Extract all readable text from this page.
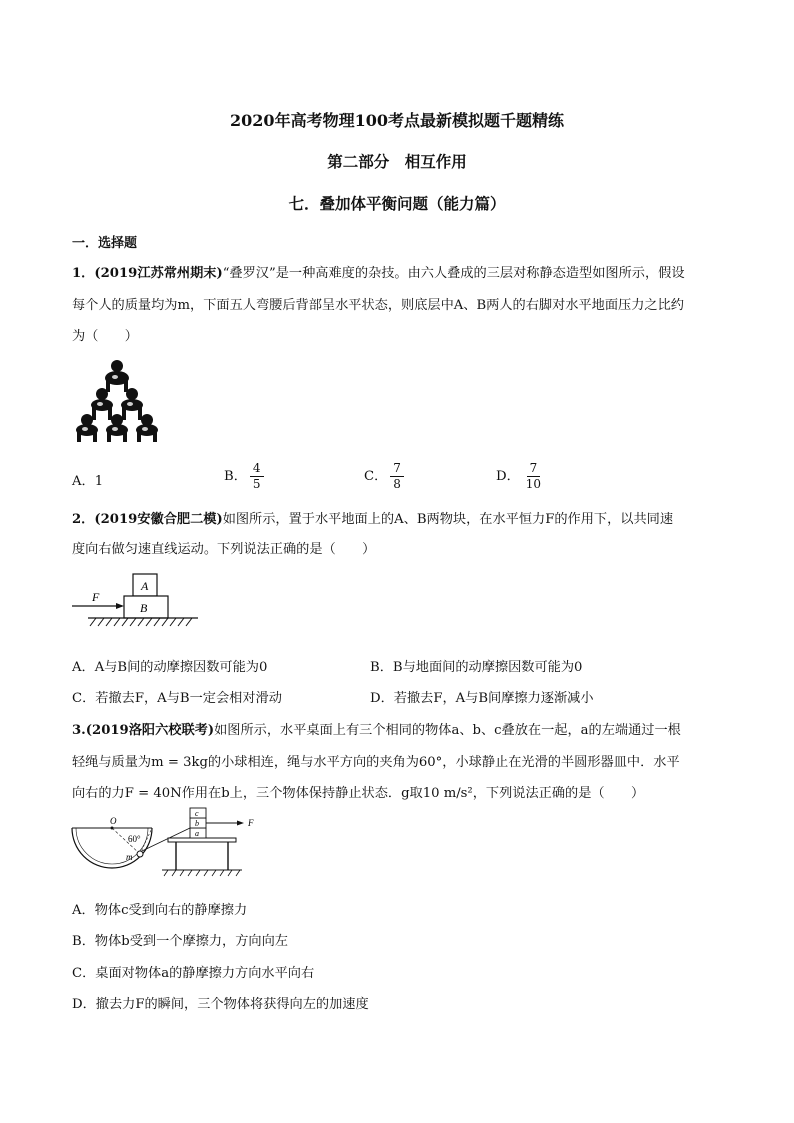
2020年高考物理100考点最新模拟题千题精练
第二部分　相互作用
七．叠加体平衡问题（能力篇）
一．选择题
1．(2019江苏常州期末)“叠罗汉”是一种高难度的杂技。由六人叠成的三层对称静态造型如图所示，假设
每个人的质量均为m，下面五人弯腰后背部呈水平状态，则底层中A、B两人的右脚对水平地面压力之比约
为（　　）
A	B
A．1	B． $\frac{4}{5}$	C． $\frac{7}{8}$	D． $\frac{7}{10}$
2．(2019安徽合肥二模)如图所示，置于水平地面上的A、B两物块，在水平恒力F的作用下，以共同速
度向右做匀速直线运动。下列说法正确的是（　　）
A
B
F
A．A与B间的动摩擦因数可能为0	B．B与地面间的动摩擦因数可能为0
C．若撤去F，A与B一定会相对滑动	D．若撤去F，A与B间摩擦力逐渐减小
3.(2019洛阳六校联考)如图所示，水平桌面上有三个相同的物体a、b、c叠放在一起，a的左端通过一根
轻绳与质量为m = 3kg的小球相连，绳与水平方向的夹角为60°，小球静止在光滑的半圆形器皿中．水平
向右的力F = 40N作用在b上，三个物体保持静止状态．g取10 m/s²，下列说法正确的是（　　）
O
60°
m
a
b
c
F
A．物体c受到向右的静摩擦力
B．物体b受到一个摩擦力，方向向左
C．桌面对物体a的静摩擦力方向水平向右
D．撤去力F的瞬间，三个物体将获得向左的加速度
